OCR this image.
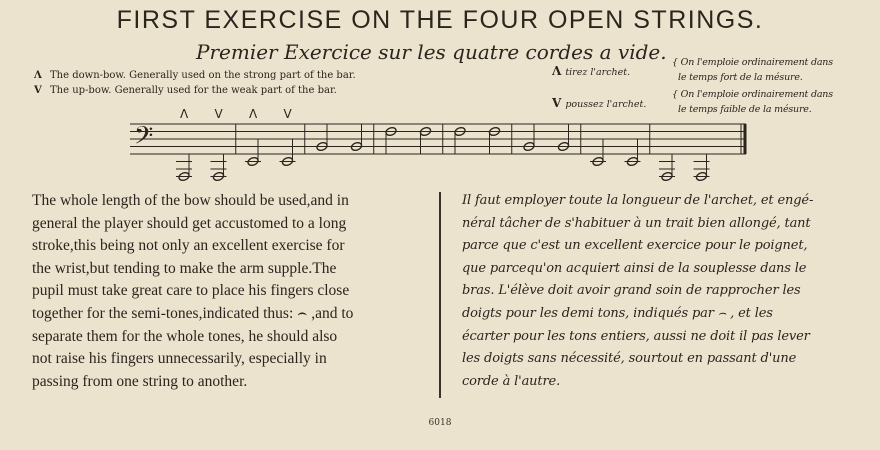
FIRST EXERCISE ON THE FOUR OPEN STRINGS.
Premier Exercice sur les quatre cordes a vide.
Λ The down-bow. Generally used on the strong part of the bar.
V The up-bow. Generally used for the weak part of the bar.
Λ tirez l'archet.
V poussez l'archet.
{ On l'emploie ordinairement dans
le temps fort de la mésure.
{ On l'emploie ordinairement dans
le temps faible de la mésure.
𝄢
Λ V Λ V
The whole length of the bow should be used,and in
general the player should get accustomed to a long
stroke,this being not only an excellent exercise for
the wrist,but tending to make the arm supple.The
pupil must take great care to place his fingers close
together for the semi-tones,indicated thus: ⌢ ,and to
separate them for the whole tones, he should also
not raise his fingers unnecessarily, especially in
passing from one string to another.
Il faut employer toute la longueur de l'archet, et engé-
néral tâcher de s'habituer à un trait bien allongé, tant
parce que c'est un excellent exercice pour le poignet,
que parcequ'on acquiert ainsi de la souplesse dans le
bras. L'élève doit avoir grand soin de rapprocher les
doigts pour les demi tons, indiqués par ⌢ , et les
écarter pour les tons entiers, aussi ne doit il pas lever
les doigts sans nécessité, sourtout en passant d'une
corde à l'autre.
6018
